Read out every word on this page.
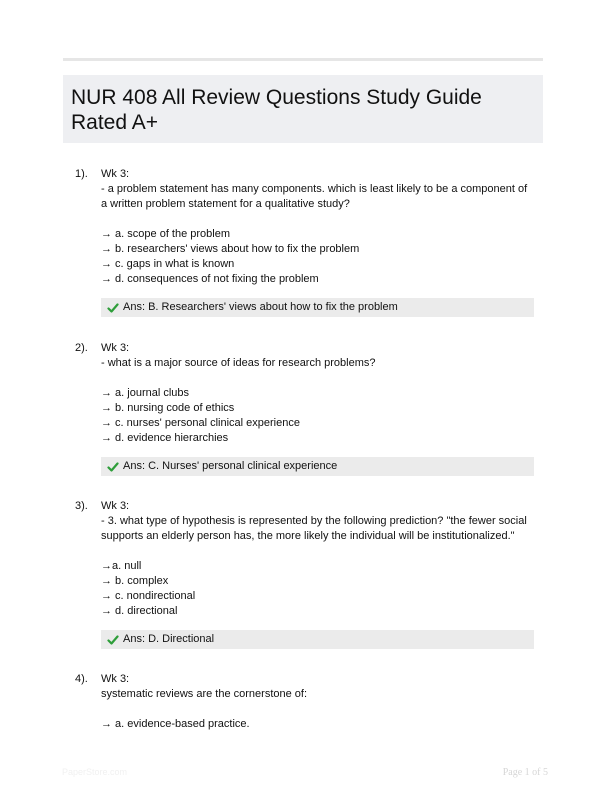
NUR 408 All Review Questions Study Guide Rated A+
1). Wk 3:
- a problem statement has many components. which is least likely to be a component of a written problem statement for a qualitative study?
→ a. scope of the problem
→ b. researchers' views about how to fix the problem
→ c. gaps in what is known
→ d. consequences of not fixing the problem
Ans: B. Researchers' views about how to fix the problem
2). Wk 3:
- what is a major source of ideas for research problems?
→ a. journal clubs
→ b. nursing code of ethics
→ c. nurses' personal clinical experience
→ d. evidence hierarchies
Ans: C. Nurses' personal clinical experience
3). Wk 3:
- 3. what type of hypothesis is represented by the following prediction? "the fewer social supports an elderly person has, the more likely the individual will be institutionalized."
→a. null
→ b. complex
→ c. nondirectional
→ d. directional
Ans: D. Directional
4). Wk 3:
systematic reviews are the cornerstone of:
→ a. evidence-based practice.
PaperStore.com	Page 1 of 5
